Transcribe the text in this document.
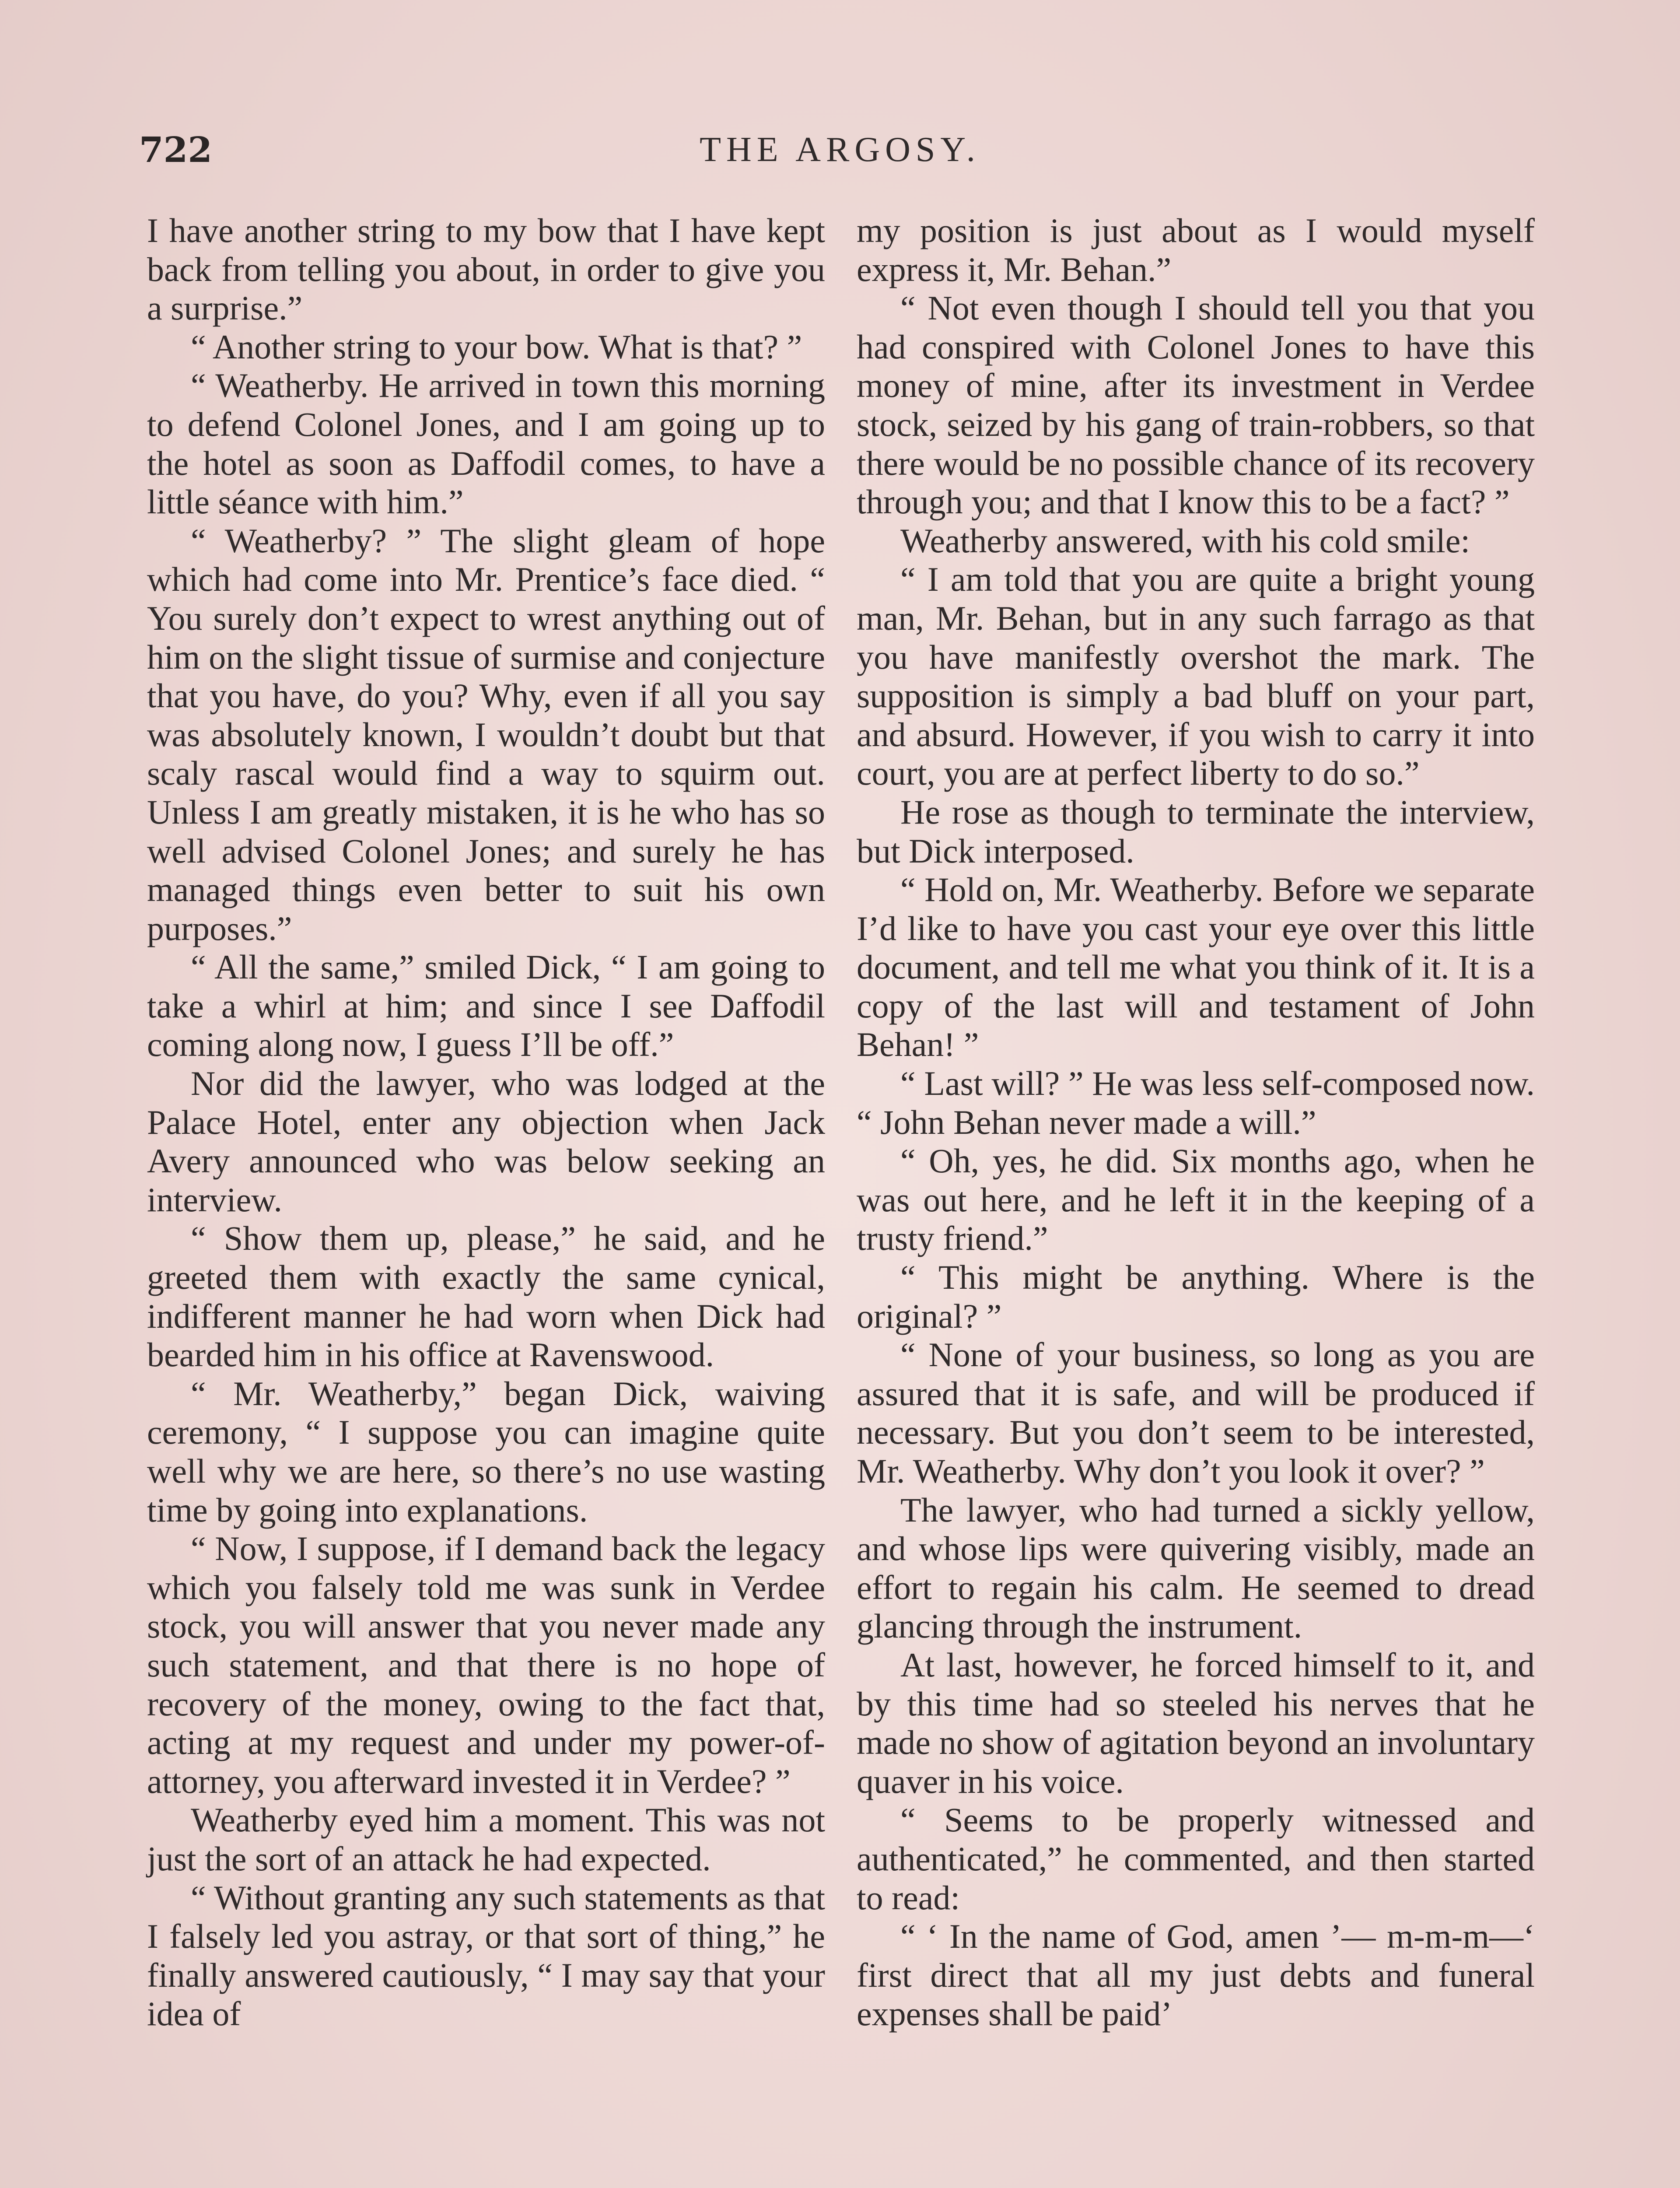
722	THE ARGOSY.

I have another string to my bow that I have kept back from telling you about, in order to give you a surprise.”

“ Another string to your bow. What is that? ”

“ Weatherby. He arrived in town this morning to defend Colonel Jones, and I am going up to the hotel as soon as Daffodil comes, to have a little séance with him.”

“ Weatherby? ” The slight gleam of hope which had come into Mr. Prentice’s face died. “ You surely don’t expect to wrest anything out of him on the slight tissue of surmise and conjecture that you have, do you? Why, even if all you say was absolutely known, I wouldn’t doubt but that scaly rascal would find a way to squirm out. Unless I am greatly mistaken, it is he who has so well advised Colonel Jones; and surely he has managed things even better to suit his own purposes.”

“ All the same,” smiled Dick, “ I am going to take a whirl at him; and since I see Daffodil coming along now, I guess I’ll be off.”

Nor did the lawyer, who was lodged at the Palace Hotel, enter any objection when Jack Avery announced who was below seeking an interview.

“ Show them up, please,” he said, and he greeted them with exactly the same cynical, indifferent manner he had worn when Dick had bearded him in his office at Ravenswood.

“ Mr. Weatherby,” began Dick, waiving ceremony, “ I suppose you can imagine quite well why we are here, so there’s no use wasting time by going into explanations.

“ Now, I suppose, if I demand back the legacy which you falsely told me was sunk in Verdee stock, you will answer that you never made any such statement, and that there is no hope of recovery of the money, owing to the fact that, acting at my request and under my power-of-attorney, you afterward invested it in Verdee? ”

Weatherby eyed him a moment. This was not just the sort of an attack he had expected.

“ Without granting any such statements as that I falsely led you astray, or that sort of thing,” he finally answered cautiously, “ I may say that your idea of

my position is just about as I would myself express it, Mr. Behan.”

“ Not even though I should tell you that you had conspired with Colonel Jones to have this money of mine, after its investment in Verdee stock, seized by his gang of train-robbers, so that there would be no possible chance of its recovery through you; and that I know this to be a fact? ”

Weatherby answered, with his cold smile:

“ I am told that you are quite a bright young man, Mr. Behan, but in any such farrago as that you have manifestly overshot the mark. The supposition is simply a bad bluff on your part, and absurd. However, if you wish to carry it into court, you are at perfect liberty to do so.”

He rose as though to terminate the interview, but Dick interposed.

“ Hold on, Mr. Weatherby. Before we separate I’d like to have you cast your eye over this little document, and tell me what you think of it. It is a copy of the last will and testament of John Behan! ”

“ Last will? ” He was less self-composed now. “ John Behan never made a will.”

“ Oh, yes, he did. Six months ago, when he was out here, and he left it in the keeping of a trusty friend.”

“ This might be anything. Where is the original? ”

“ None of your business, so long as you are assured that it is safe, and will be produced if necessary. But you don’t seem to be interested, Mr. Weatherby. Why don’t you look it over? ”

The lawyer, who had turned a sickly yellow, and whose lips were quivering visibly, made an effort to regain his calm. He seemed to dread glancing through the instrument.

At last, however, he forced himself to it, and by this time had so steeled his nerves that he made no show of agitation beyond an involuntary quaver in his voice.

“ Seems to be properly witnessed and authenticated,” he commented, and then started to read:

“ ‘ In the name of God, amen ’— m-m-m—‘ first direct that all my just debts and funeral expenses shall be paid’
